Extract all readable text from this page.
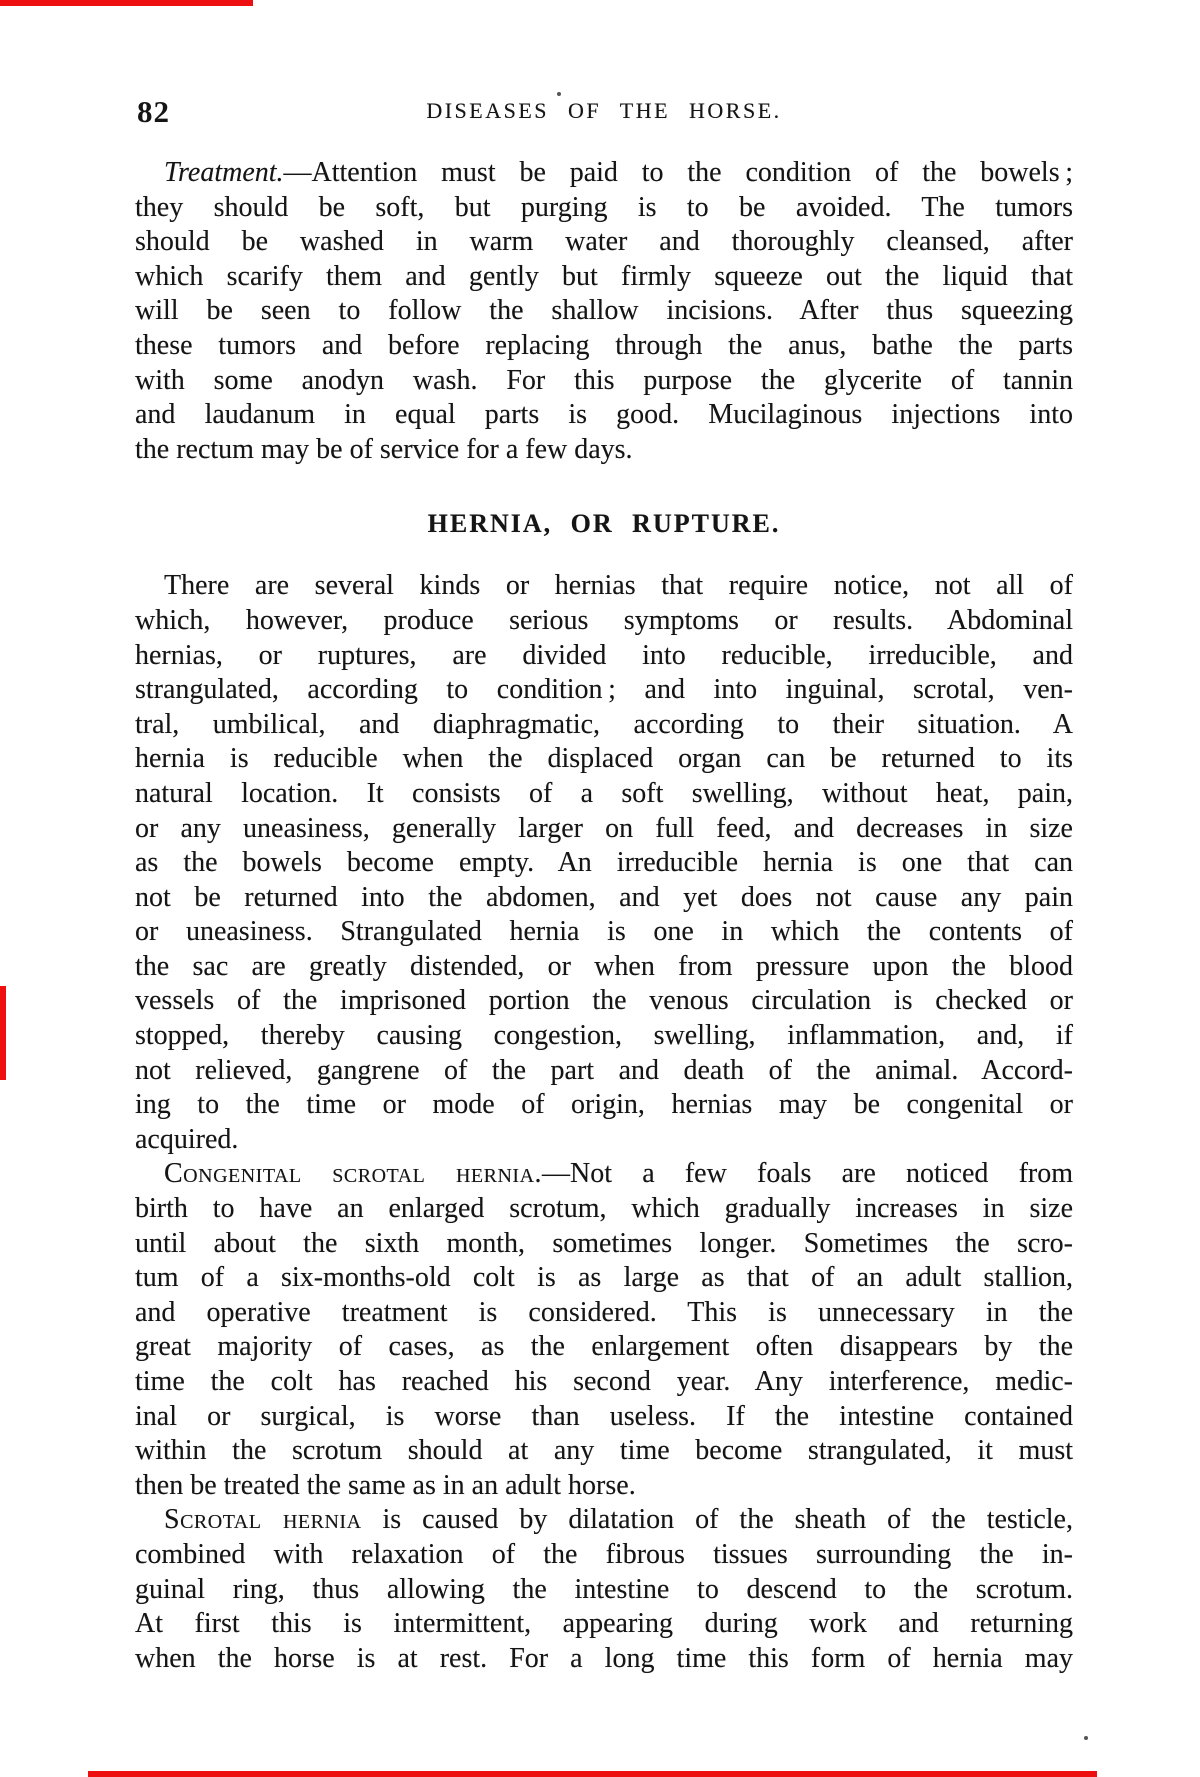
82	DISEASES OF THE HORSE.
Treatment.—Attention must be paid to the condition of the bowels ;
they should be soft, but purging is to be avoided. The tumors
should be washed in warm water and thoroughly cleansed, after
which scarify them and gently but firmly squeeze out the liquid that
will be seen to follow the shallow incisions. After thus squeezing
these tumors and before replacing through the anus, bathe the parts
with some anodyn wash. For this purpose the glycerite of tannin
and laudanum in equal parts is good. Mucilaginous injections into
the rectum may be of service for a few days.
HERNIA, OR RUPTURE.
There are several kinds or hernias that require notice, not all of
which, however, produce serious symptoms or results. Abdominal
hernias, or ruptures, are divided into reducible, irreducible, and
strangulated, according to condition ; and into inguinal, scrotal, ven-
tral, umbilical, and diaphragmatic, according to their situation. A
hernia is reducible when the displaced organ can be returned to its
natural location. It consists of a soft swelling, without heat, pain,
or any uneasiness, generally larger on full feed, and decreases in size
as the bowels become empty. An irreducible hernia is one that can
not be returned into the abdomen, and yet does not cause any pain
or uneasiness. Strangulated hernia is one in which the contents of
the sac are greatly distended, or when from pressure upon the blood
vessels of the imprisoned portion the venous circulation is checked or
stopped, thereby causing congestion, swelling, inflammation, and, if
not relieved, gangrene of the part and death of the animal. Accord-
ing to the time or mode of origin, hernias may be congenital or
acquired.
Congenital scrotal hernia.—Not a few foals are noticed from
birth to have an enlarged scrotum, which gradually increases in size
until about the sixth month, sometimes longer. Sometimes the scro-
tum of a six-months-old colt is as large as that of an adult stallion,
and operative treatment is considered. This is unnecessary in the
great majority of cases, as the enlargement often disappears by the
time the colt has reached his second year. Any interference, medic-
inal or surgical, is worse than useless. If the intestine contained
within the scrotum should at any time become strangulated, it must
then be treated the same as in an adult horse.
Scrotal hernia is caused by dilatation of the sheath of the testicle,
combined with relaxation of the fibrous tissues surrounding the in-
guinal ring, thus allowing the intestine to descend to the scrotum.
At first this is intermittent, appearing during work and returning
when the horse is at rest. For a long time this form of hernia may
